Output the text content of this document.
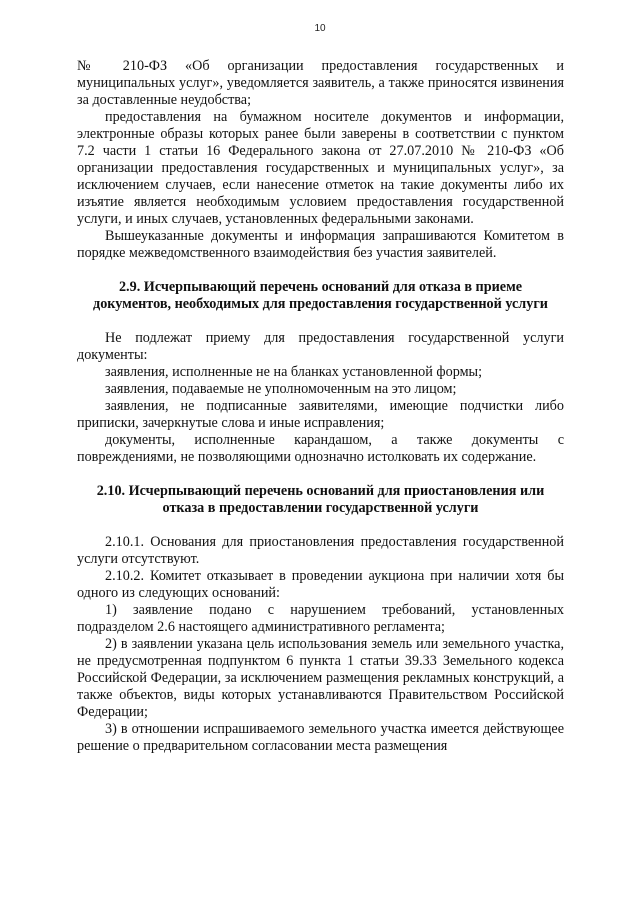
10

№ 210-ФЗ «Об организации предоставления государственных и муниципальных услуг», уведомляется заявитель, а также приносятся извинения за доставленные неудобства;

предоставления на бумажном носителе документов и информации, электронные образы которых ранее были заверены в соответствии с пунктом 7.2 части 1 статьи 16 Федерального закона от 27.07.2010 № 210-ФЗ «Об организации предоставления государственных и муниципальных услуг», за исключением случаев, если нанесение отметок на такие документы либо их изъятие является необходимым условием предоставления государственной услуги, и иных случаев, установленных федеральными законами.

Вышеуказанные документы и информация запрашиваются Комитетом в порядке межведомственного взаимодействия без участия заявителей.

2.9. Исчерпывающий перечень оснований для отказа в приеме документов, необходимых для предоставления государственной услуги

Не подлежат приему для предоставления государственной услуги документы:

заявления, исполненные не на бланках установленной формы;

заявления, подаваемые не уполномоченным на это лицом;

заявления, не подписанные заявителями, имеющие подчистки либо приписки, зачеркнутые слова и иные исправления;

документы, исполненные карандашом, а также документы с повреждениями, не позволяющими однозначно истолковать их содержание.

2.10. Исчерпывающий перечень оснований для приостановления или отказа в предоставлении государственной услуги

2.10.1. Основания для приостановления предоставления государственной услуги отсутствуют.

2.10.2. Комитет отказывает в проведении аукциона при наличии хотя бы одного из следующих оснований:

1) заявление подано с нарушением требований, установленных подразделом 2.6 настоящего административного регламента;

2) в заявлении указана цель использования земель или земельного участка, не предусмотренная подпунктом 6 пункта 1 статьи 39.33 Земельного кодекса Российской Федерации, за исключением размещения рекламных конструкций, а также объектов, виды которых устанавливаются Правительством Российской Федерации;

3) в отношении испрашиваемого земельного участка имеется действующее решение о предварительном согласовании места размещения
